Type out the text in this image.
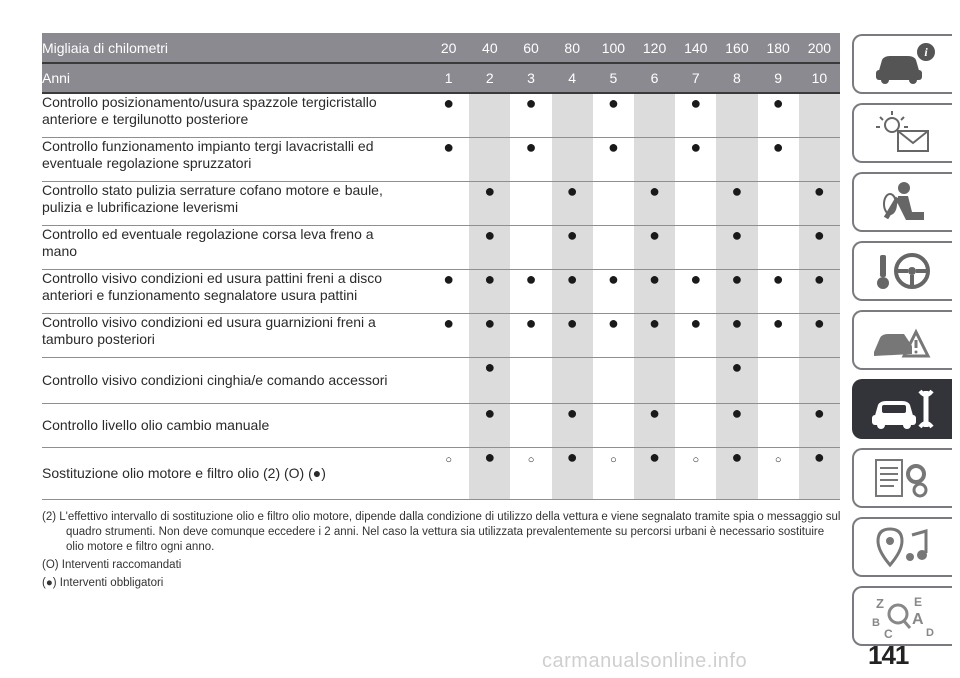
Migliaia di chilometri	20	40	60	80	100	120	140	160	180	200
Anni	1	2	3	4	5	6	7	8	9	10

Controllo posizionamento/usura spazzole tergicristallo
anteriore e tergilunotto posteriore	●		●		●		●		●	

Controllo funzionamento impianto tergi lavacristalli ed
eventuale regolazione spruzzatori	●		●		●		●		●	

Controllo stato pulizia serrature cofano motore e baule,
pulizia e lubrificazione leverismi		●		●		●		●		●

Controllo ed eventuale regolazione corsa leva freno a
mano		●		●		●		●		●

Controllo visivo condizioni ed usura pattini freni a disco
anteriori e funzionamento segnalatore usura pattini	●	●	●	●	●	●	●	●	●	●

Controllo visivo condizioni ed usura guarnizioni freni a
tamburo posteriori	●	●	●	●	●	●	●	●	●	●

Controllo visivo condizioni cinghia/e comando accessori		●						●		

Controllo livello olio cambio manuale		●		●		●		●		●

Sostituzione olio motore e filtro olio (2) (O) (●)	○	●	○	●	○	●	○	●	○	●

(2) L'effettivo intervallo di sostituzione olio e filtro olio motore, dipende dalla condizione di utilizzo della vettura e viene segnalato tramite spia o messaggio sul quadro strumenti. Non deve comunque eccedere i 2 anni. Nel caso la vettura sia utilizzata prevalentemente su percorsi urbani è necessario sostituire olio motore e filtro ogni anno.

(O) Interventi raccomandati

(●) Interventi obbligatori

i
Z	E
B A
C	D
141
carmanualsonline.info
